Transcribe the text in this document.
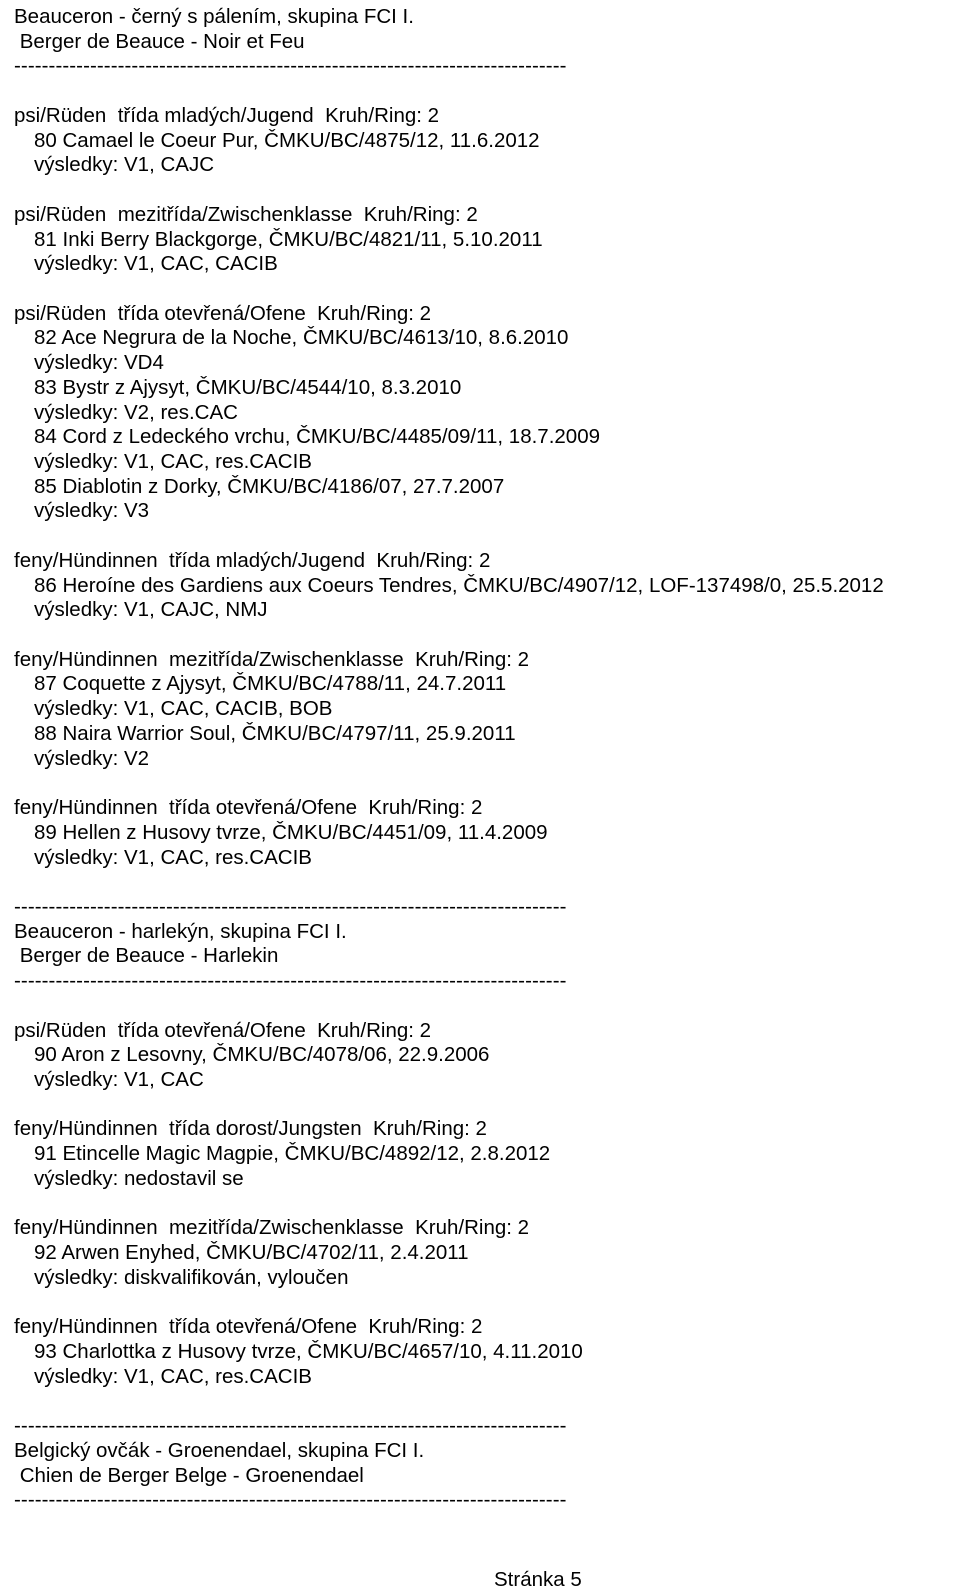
Beauceron - černý s pálením, skupina FCI I.
Berger de Beauce - Noir et Feu
--------------------------------------------------------------------------------
psi/Rüden  třída mladých/Jugend  Kruh/Ring: 2
80 Camael le Coeur Pur, ČMKU/BC/4875/12, 11.6.2012
výsledky: V1, CAJC
psi/Rüden  mezitřída/Zwischenklasse  Kruh/Ring: 2
81 Inki Berry Blackgorge, ČMKU/BC/4821/11, 5.10.2011
výsledky: V1, CAC, CACIB
psi/Rüden  třída otevřená/Ofene  Kruh/Ring: 2
82 Ace Negrura de la Noche, ČMKU/BC/4613/10, 8.6.2010
výsledky: VD4
83 Bystr z Ajysyt, ČMKU/BC/4544/10, 8.3.2010
výsledky: V2, res.CAC
84 Cord z Ledeckého vrchu, ČMKU/BC/4485/09/11, 18.7.2009
výsledky: V1, CAC, res.CACIB
85 Diablotin z Dorky, ČMKU/BC/4186/07, 27.7.2007
výsledky: V3
feny/Hündinnen  třída mladých/Jugend  Kruh/Ring: 2
86 Heroíne des Gardiens aux Coeurs Tendres, ČMKU/BC/4907/12, LOF-137498/0, 25.5.2012
výsledky: V1, CAJC, NMJ
feny/Hündinnen  mezitřída/Zwischenklasse  Kruh/Ring: 2
87 Coquette z Ajysyt, ČMKU/BC/4788/11, 24.7.2011
výsledky: V1, CAC, CACIB, BOB
88 Naira Warrior Soul, ČMKU/BC/4797/11, 25.9.2011
výsledky: V2
feny/Hündinnen  třída otevřená/Ofene  Kruh/Ring: 2
89 Hellen z Husovy tvrze, ČMKU/BC/4451/09, 11.4.2009
výsledky: V1, CAC, res.CACIB
--------------------------------------------------------------------------------
Beauceron - harlekýn, skupina FCI I.
Berger de Beauce - Harlekin
--------------------------------------------------------------------------------
psi/Rüden  třída otevřená/Ofene  Kruh/Ring: 2
90 Aron z Lesovny, ČMKU/BC/4078/06, 22.9.2006
výsledky: V1, CAC
feny/Hündinnen  třída dorost/Jungsten  Kruh/Ring: 2
91 Etincelle Magic Magpie, ČMKU/BC/4892/12, 2.8.2012
výsledky: nedostavil se
feny/Hündinnen  mezitřída/Zwischenklasse  Kruh/Ring: 2
92 Arwen Enyhed, ČMKU/BC/4702/11, 2.4.2011
výsledky: diskvalifikován, vyloučen
feny/Hündinnen  třída otevřená/Ofene  Kruh/Ring: 2
93 Charlottka z Husovy tvrze, ČMKU/BC/4657/10, 4.11.2010
výsledky: V1, CAC, res.CACIB
--------------------------------------------------------------------------------
Belgický ovčák - Groenendael, skupina FCI I.
Chien de Berger Belge - Groenendael
--------------------------------------------------------------------------------
Stránka 5
